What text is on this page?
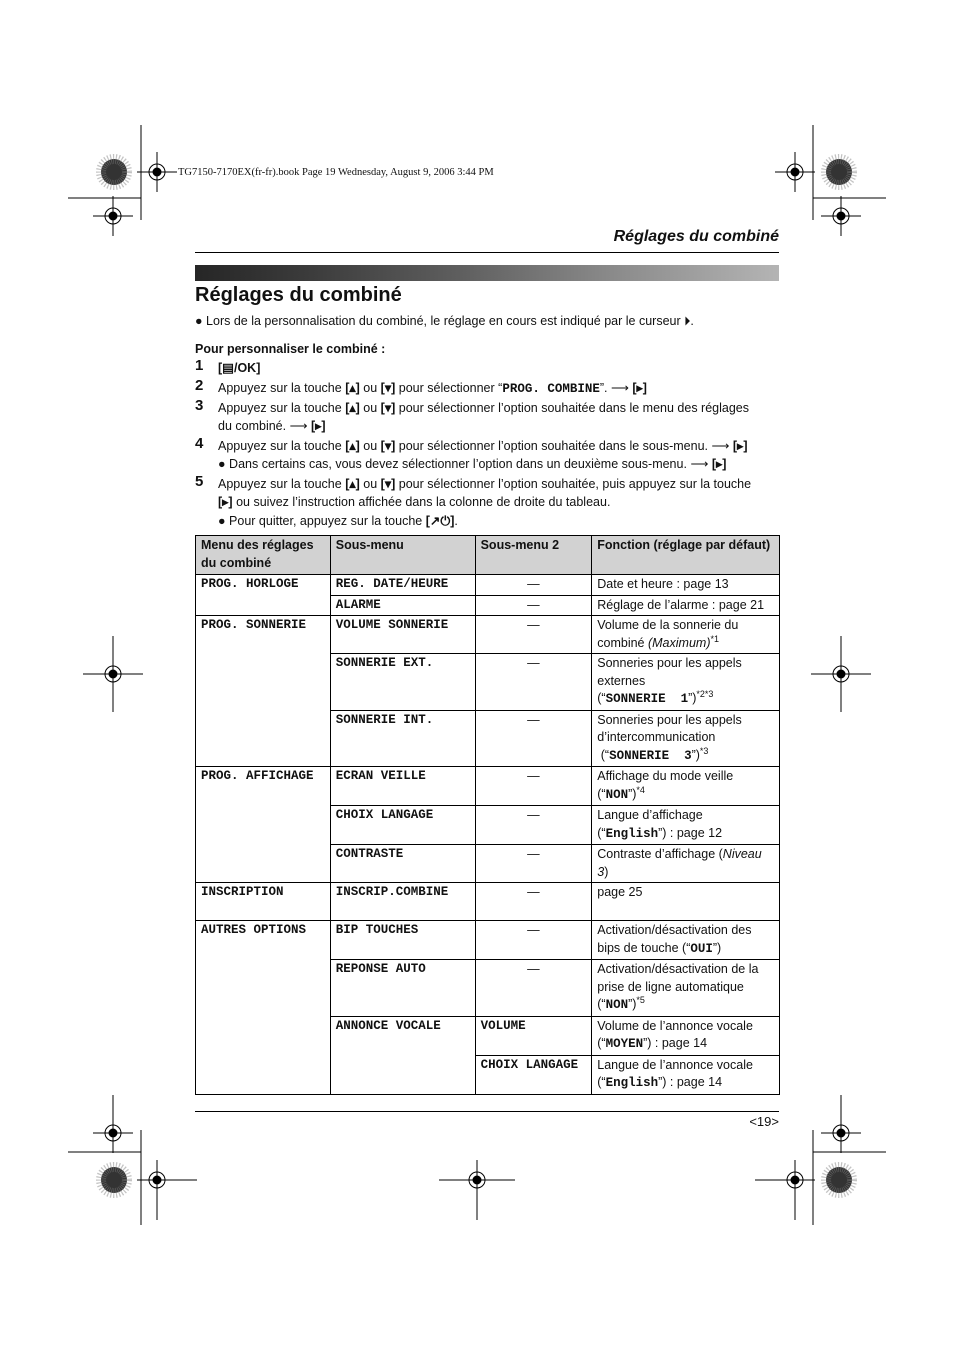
TG7150-7170EX(fr-fr).book Page 19 Wednesday, August 9, 2006 3:44 PM
Réglages du combiné
Réglages du combiné
● Lors de la personnalisation du combiné, le réglage en cours est indiqué par le curseur ⏵.
Pour personnaliser le combiné :
1 [▤/OK]
2 Appuyez sur la touche [▴] ou [▾] pour sélectionner “PROG. COMBINE”. ⟶ [▸]
3 Appuyez sur la touche [▴] ou [▾] pour sélectionner l’option souhaitée dans le menu des réglages
du combiné. ⟶ [▸]
4 Appuyez sur la touche [▴] ou [▾] pour sélectionner l’option souhaitée dans le sous-menu. ⟶ [▸]
● Dans certains cas, vous devez sélectionner l’option dans un deuxième sous-menu. ⟶ [▸]
5 Appuyez sur la touche [▴] ou [▾] pour sélectionner l’option souhaitée, puis appuyez sur la touche
[▸] ou suivez l’instruction affichée dans la colonne de droite du tableau.
● Pour quitter, appuyez sur la touche [↗⏻].
Menu des réglages du combiné	Sous-menu	Sous-menu 2	Fonction (réglage par défaut)
PROG. HORLOGE	REG. DATE/HEURE	—	Date et heure : page 13
	ALARME	—	Réglage de l’alarme : page 21
PROG. SONNERIE	VOLUME SONNERIE	—	Volume de la sonnerie du combiné (Maximum)$^{*1}$
	SONNERIE EXT.	—	Sonneries pour les appels externes
(“SONNERIE  1”)$^{*2*3}$
	SONNERIE INT.	—	Sonneries pour les appels d’intercommunication
(“SONNERIE  3”)$^{*3}$
PROG. AFFICHAGE	ECRAN VEILLE	—	Affichage du mode veille
(“NON”)$^{*4}$
	CHOIX LANGAGE	—	Langue d’affichage
(“English”) : page 12
	CONTRASTE	—	Contraste d’affichage (Niveau 3)
INSCRIPTION	INSCRIP.COMBINE	—	page 25
AUTRES OPTIONS	BIP TOUCHES	—	Activation/désactivation des bips de touche (“OUI”)
	REPONSE AUTO	—	Activation/désactivation de la prise de ligne automatique
(“NON”)$^{*5}$
	ANNONCE VOCALE	VOLUME	Volume de l’annonce vocale
(“MOYEN”) : page 14
		CHOIX LANGAGE	Langue de l’annonce vocale
(“English”) : page 14
<19>
